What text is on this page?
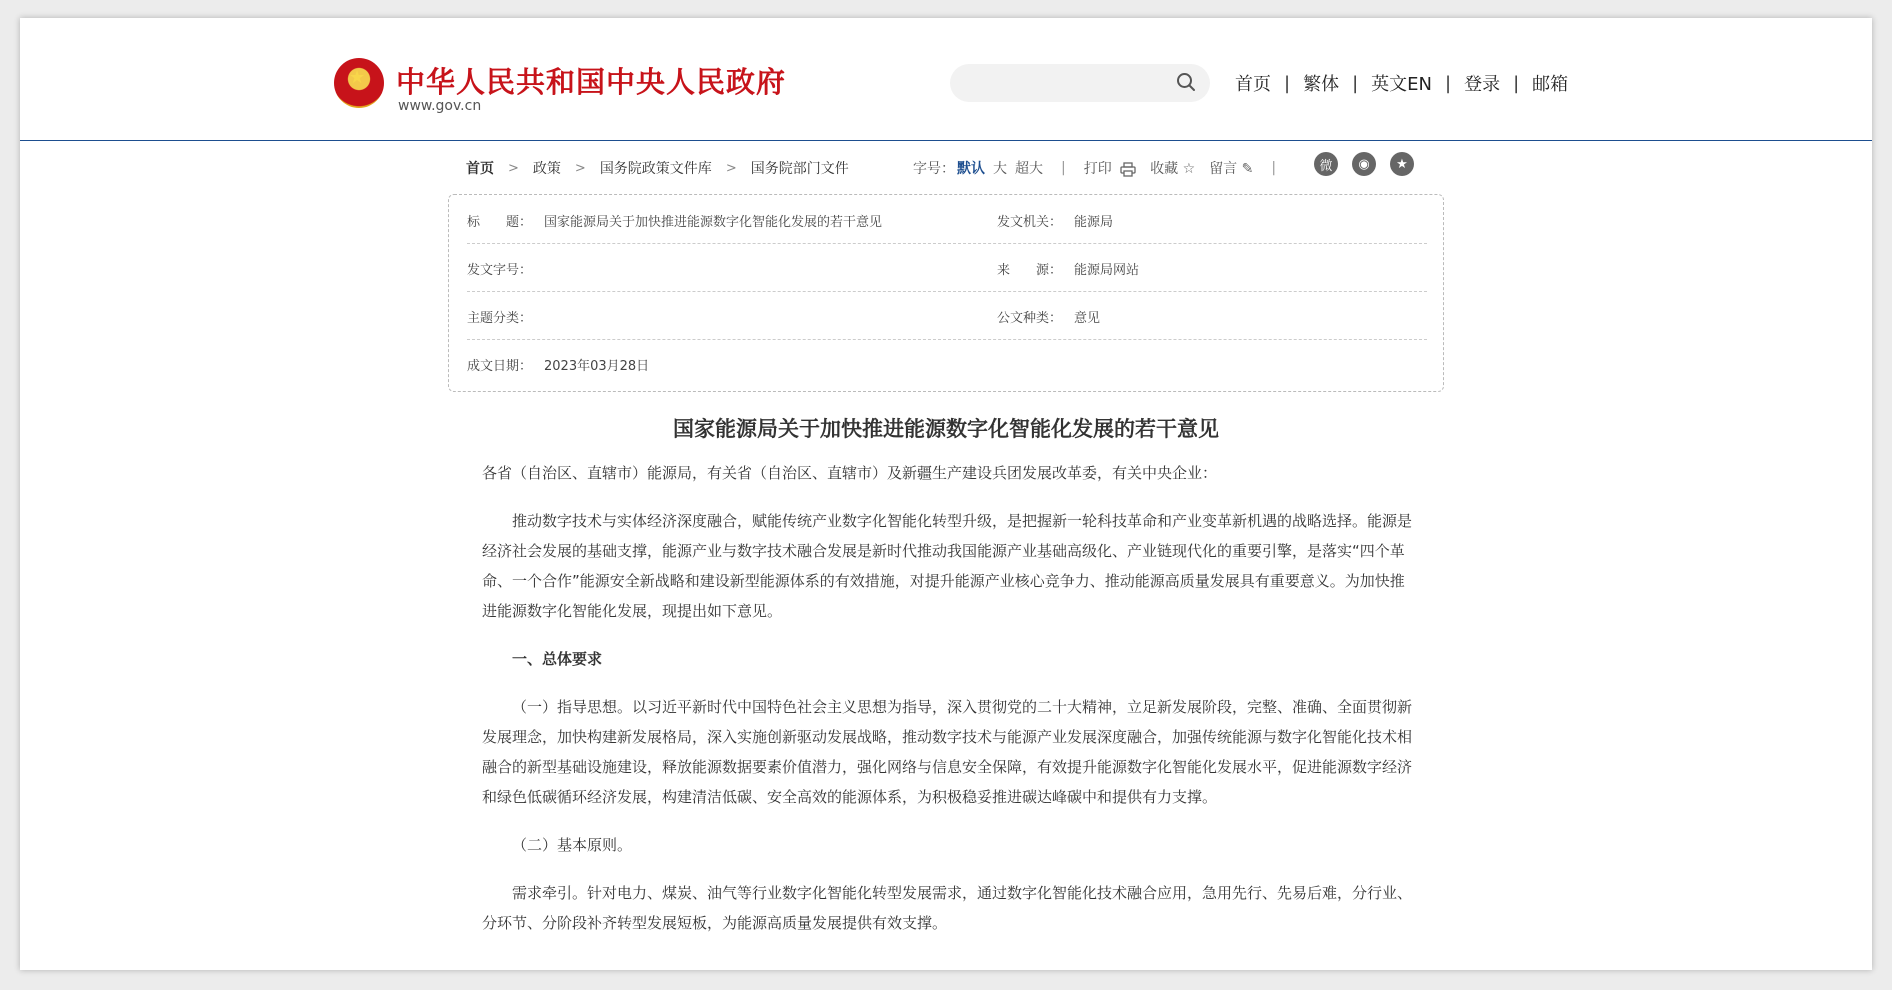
★
中华人民共和国中央人民政府
www.gov.cn
首页 | 繁体 | 英文EN | 登录 | 邮箱
首页 > 政策 > 国务院政策文件库 > 国务院部门文件	字号： 默认 大 超大 | 打印	收藏 ☆ 留言 ✎ |	微	◉	★
标　　题： 国家能源局关于加快推进能源数字化智能化发展的若干意见	发文机关： 能源局
发文字号：	来　　源： 能源局网站
主题分类：	公文种类： 意见
成文日期： 2023年03月28日
国家能源局关于加快推进能源数字化智能化发展的若干意见

各省（自治区、直辖市）能源局，有关省（自治区、直辖市）及新疆生产建设兵团发展改革委，有关中央企业：

推动数字技术与实体经济深度融合，赋能传统产业数字化智能化转型升级，是把握新一轮科技革命和产业变革新机遇的战略选择。能源是经济社会发展的基础支撑，能源产业与数字技术融合发展是新时代推动我国能源产业基础高级化、产业链现代化的重要引擎，是落实“四个革命、一个合作”能源安全新战略和建设新型能源体系的有效措施，对提升能源产业核心竞争力、推动能源高质量发展具有重要意义。为加快推进能源数字化智能化发展，现提出如下意见。

一、总体要求

（一）指导思想。以习近平新时代中国特色社会主义思想为指导，深入贯彻党的二十大精神，立足新发展阶段，完整、准确、全面贯彻新发展理念，加快构建新发展格局，深入实施创新驱动发展战略，推动数字技术与能源产业发展深度融合，加强传统能源与数字化智能化技术相融合的新型基础设施建设，释放能源数据要素价值潜力，强化网络与信息安全保障，有效提升能源数字化智能化发展水平，促进能源数字经济和绿色低碳循环经济发展，构建清洁低碳、安全高效的能源体系，为积极稳妥推进碳达峰碳中和提供有力支撑。

（二）基本原则。

需求牵引。针对电力、煤炭、油气等行业数字化智能化转型发展需求，通过数字化智能化技术融合应用，急用先行、先易后难，分行业、分环节、分阶段补齐转型发展短板，为能源高质量发展提供有效支撑。
